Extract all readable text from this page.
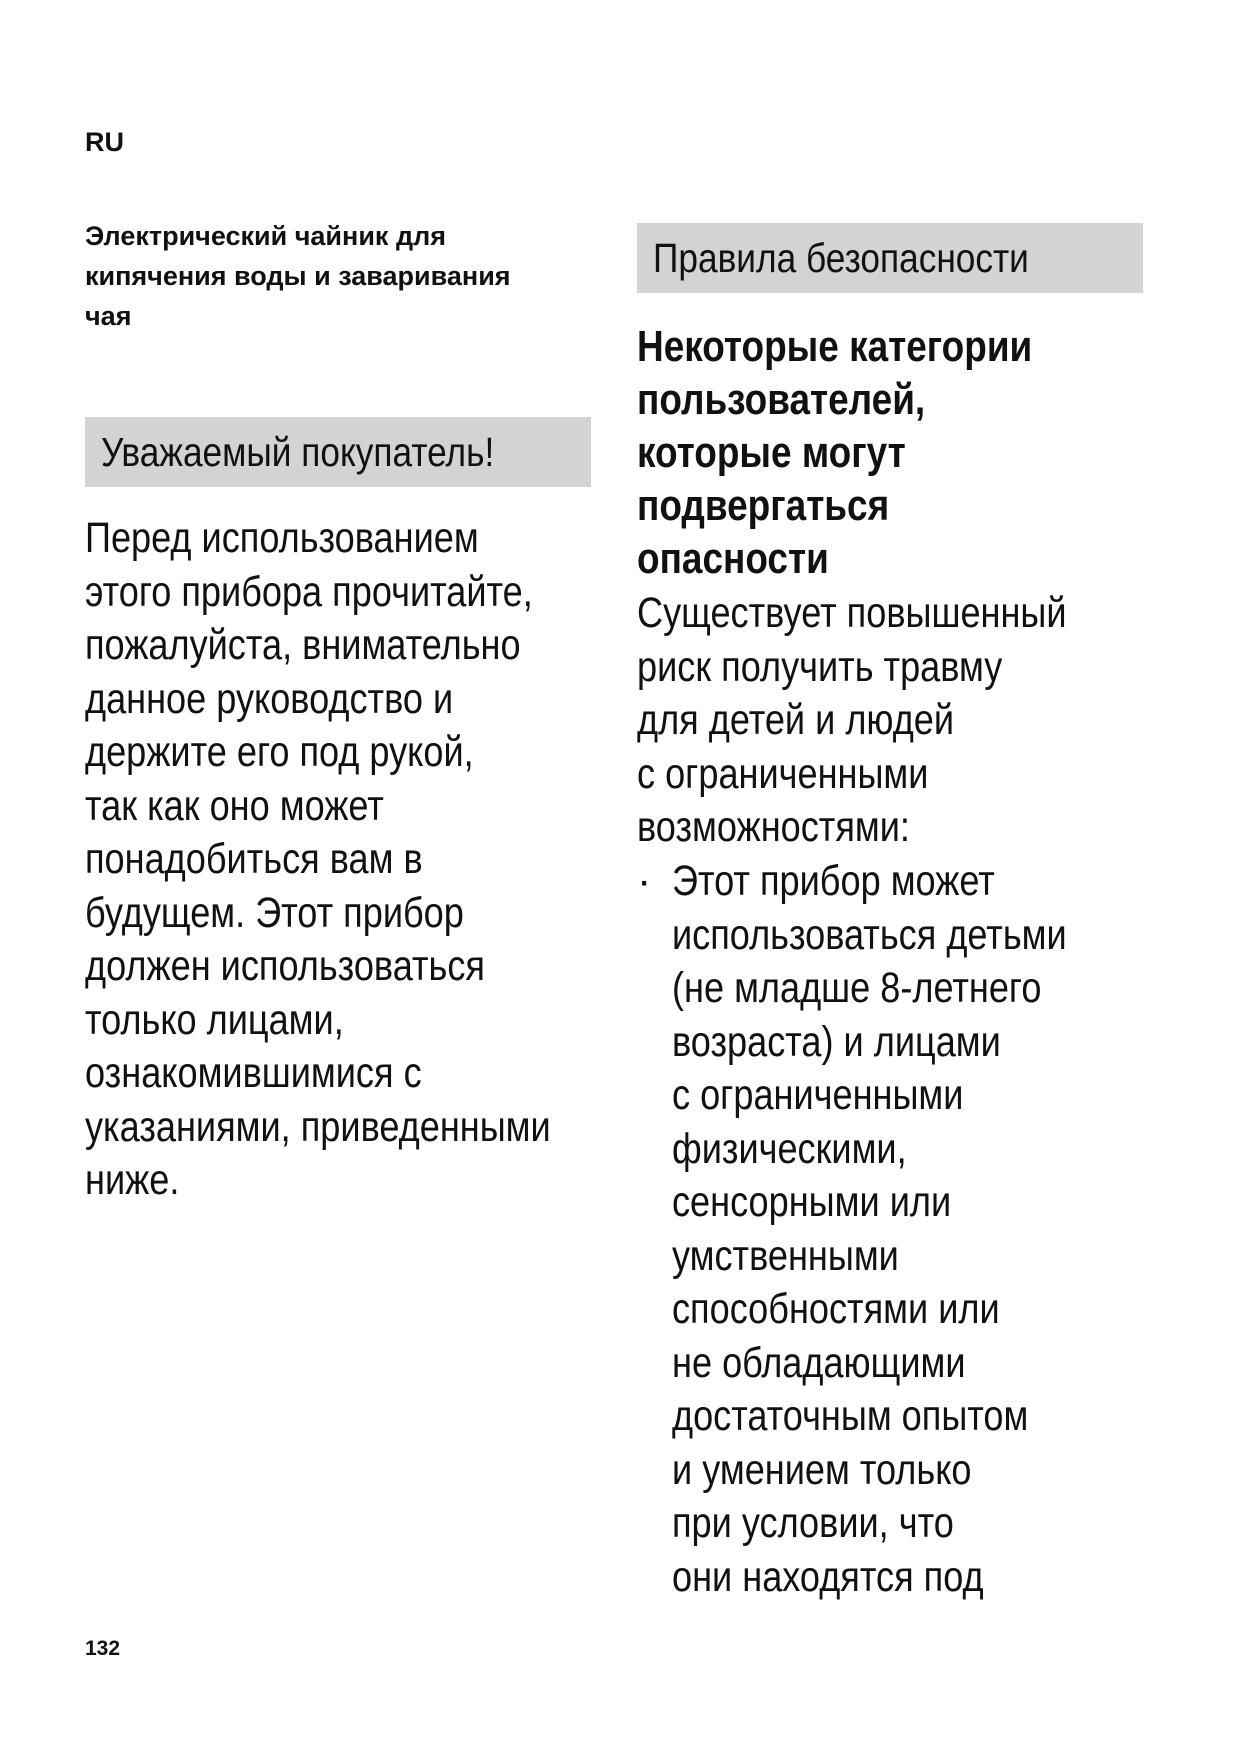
RU
Электрический чайник для
кипячения воды и заваривания
чая
Уважаемый покупатель!
Перед использованием
этого прибора прочитайте,
пожалуйста, внимательно
данное руководство и
держите его под рукой,
так как оно может
понадобиться вам в
будущем. Этот прибор
должен использоваться
только лицами,
ознакомившимися с
указаниями, приведенными
ниже.
Правила безопасности
Некоторые категории
пользователей,
которые могут
подвергаться
опасности
Существует повышенный
риск получить травму
для детей и людей
с ограниченными
возможностями:
· Этот прибор может
использоваться детьми
(не младше 8-летнего
возраста) и лицами
с ограниченными
физическими,
сенсорными или
умственными
способностями или
не обладающими
достаточным опытом
и умением только
при условии, что
они находятся под
132
